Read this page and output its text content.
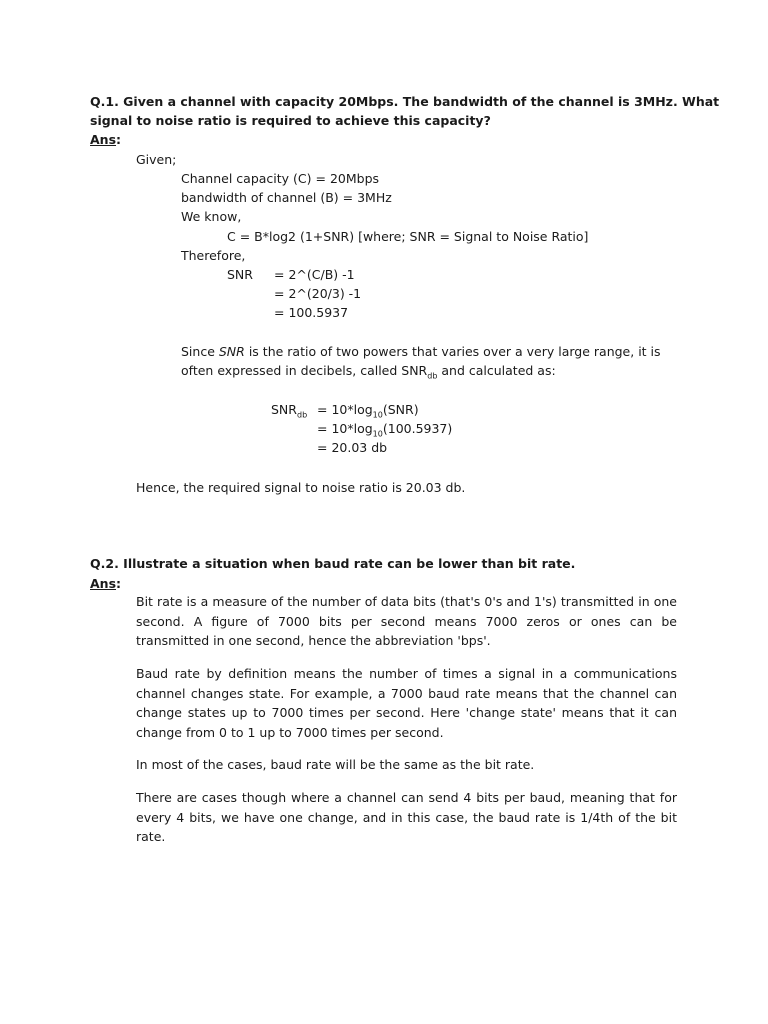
Q.1. Given a channel with capacity 20Mbps. The bandwidth of the channel is 3MHz. What
signal to noise ratio is required to achieve this capacity?
Ans:
Given;
Channel capacity (C) = 20Mbps
bandwidth of channel (B) = 3MHz
We know,
C = B*log2 (1+SNR) [where; SNR = Signal to Noise Ratio]
Therefore,
SNR = 2^(C/B) -1
= 2^(20/3) -1
= 100.5937
Since SNR is the ratio of two powers that varies over a very large range, it is
often expressed in decibels, called $SNR_{db}$ and calculated as:
$SNR_{db} = 10*\log_{10}(SNR)$
= $10*\log_{10}(100.5937)$
= 20.03 db
Hence, the required signal to noise ratio is 20.03 db.
Q.2. Illustrate a situation when baud rate can be lower than bit rate.
Ans:
Bit rate is a measure of the number of data bits (that's 0's and 1's) transmitted in one second. A figure of 7000 bits per second means 7000 zeros or ones can be transmitted in one second, hence the abbreviation 'bps'.
Baud rate by definition means the number of times a signal in a communications channel changes state. For example, a 7000 baud rate means that the channel can change states up to 7000 times per second. Here 'change state' means that it can change from 0 to 1 up to 7000 times per second.
In most of the cases, baud rate will be the same as the bit rate.
There are cases though where a channel can send 4 bits per baud, meaning that for every 4 bits, we have one change, and in this case, the baud rate is 1/4th of the bit rate.
